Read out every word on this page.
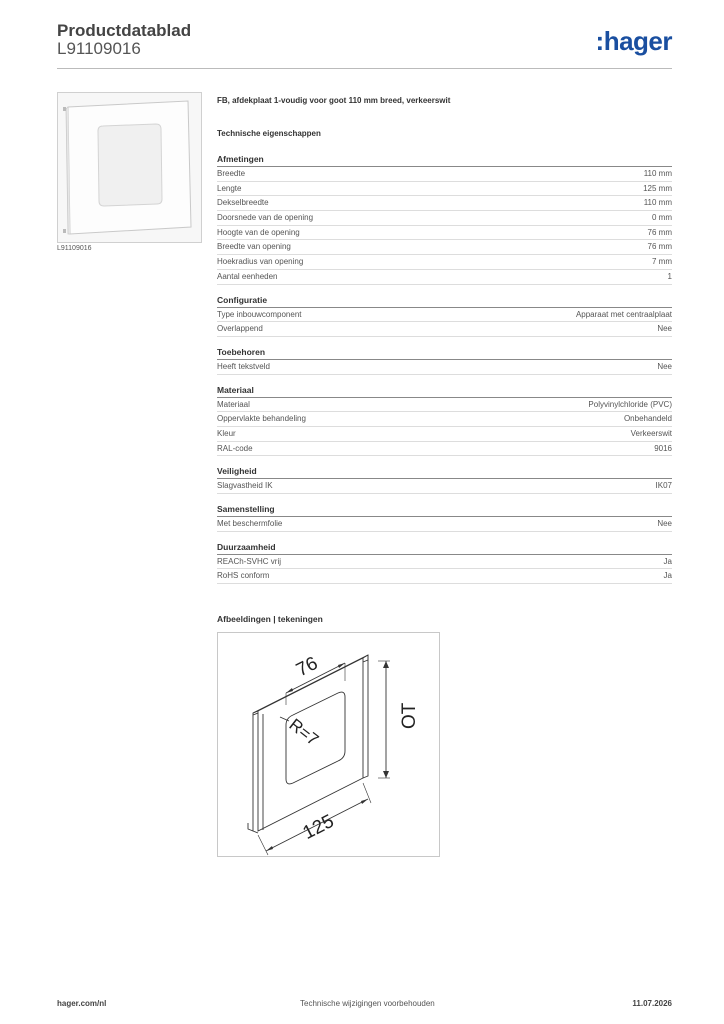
Productdatablad
L91109016	:hager
L91109016
FB, afdekplaat 1-voudig voor goot 110 mm breed, verkeerswit
Technische eigenschappen
Afmetingen
Breedte	110 mm
Lengte	125 mm
Dekselbreedte	110 mm
Doorsnede van de opening	0 mm
Hoogte van de opening	76 mm
Breedte van opening	76 mm
Hoekradius van opening	7 mm
Aantal eenheden	1
Configuratie
Type inbouwcomponent	Apparaat met centraalplaat
Overlappend	Nee
Toebehoren
Heeft tekstveld	Nee
Materiaal
Materiaal	Polyvinylchloride (PVC)
Oppervlakte behandeling	Onbehandeld
Kleur	Verkeerswit
RAL-code	9016
Veiligheid
Slagvastheid IK	IK07
Samenstelling
Met beschermfolie	Nee
Duurzaamheid
REACh-SVHC vrij	Ja
RoHS conform	Ja
Afbeeldingen | tekeningen
76
OT
R=7
125
hager.com/nl	Technische wijzigingen voorbehouden	11.07.2026
